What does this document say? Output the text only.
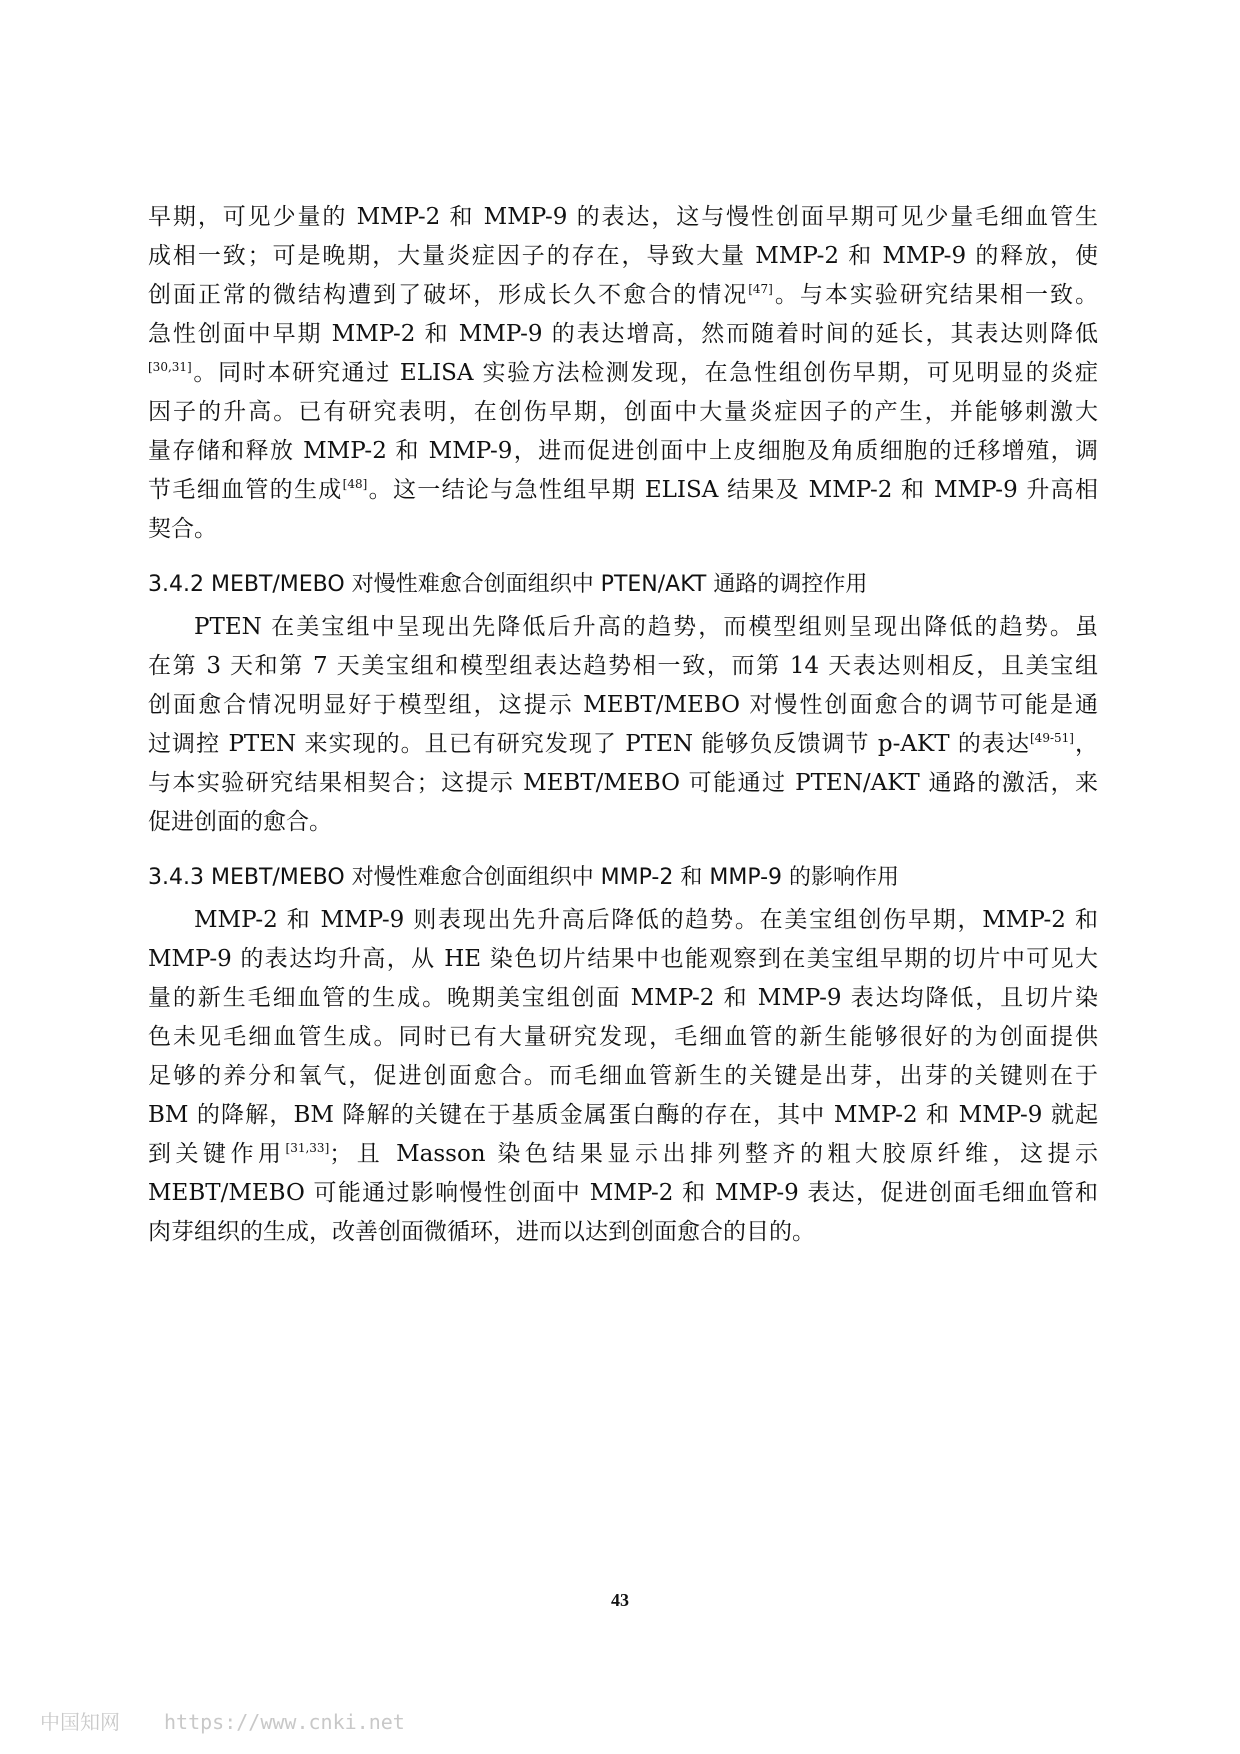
早期，可见少量的 MMP-2 和 MMP-9 的表达，这与慢性创面早期可见少量毛细血管生
成相一致；可是晚期，大量炎症因子的存在，导致大量 MMP-2 和 MMP-9 的释放，使
创面正常的微结构遭到了破坏，形成长久不愈合的情况[47]。与本实验研究结果相一致。
急性创面中早期 MMP-2 和 MMP-9 的表达增高，然而随着时间的延长，其表达则降低
[30,31]。同时本研究通过 ELISA 实验方法检测发现，在急性组创伤早期，可见明显的炎症
因子的升高。已有研究表明，在创伤早期，创面中大量炎症因子的产生，并能够刺激大
量存储和释放 MMP-2 和 MMP-9，进而促进创面中上皮细胞及角质细胞的迁移增殖，调
节毛细血管的生成[48]。这一结论与急性组早期 ELISA 结果及 MMP-2 和 MMP-9 升高相
契合。
3.4.2 MEBT/MEBO 对慢性难愈合创面组织中 PTEN/AKT 通路的调控作用
PTEN 在美宝组中呈现出先降低后升高的趋势，而模型组则呈现出降低的趋势。虽
在第 3 天和第 7 天美宝组和模型组表达趋势相一致，而第 14 天表达则相反，且美宝组
创面愈合情况明显好于模型组，这提示 MEBT/MEBO 对慢性创面愈合的调节可能是通
过调控 PTEN 来实现的。且已有研究发现了 PTEN 能够负反馈调节 p-AKT 的表达[49-51]，
与本实验研究结果相契合；这提示 MEBT/MEBO 可能通过 PTEN/AKT 通路的激活，来
促进创面的愈合。
3.4.3 MEBT/MEBO 对慢性难愈合创面组织中 MMP-2 和 MMP-9 的影响作用
MMP-2 和 MMP-9 则表现出先升高后降低的趋势。在美宝组创伤早期，MMP-2 和
MMP-9 的表达均升高，从 HE 染色切片结果中也能观察到在美宝组早期的切片中可见大
量的新生毛细血管的生成。晚期美宝组创面 MMP-2 和 MMP-9 表达均降低，且切片染
色未见毛细血管生成。同时已有大量研究发现，毛细血管的新生能够很好的为创面提供
足够的养分和氧气，促进创面愈合。而毛细血管新生的关键是出芽，出芽的关键则在于
BM 的降解，BM 降解的关键在于基质金属蛋白酶的存在，其中 MMP-2 和 MMP-9 就起
到关键作用[31,33]；且 Masson 染色结果显示出排列整齐的粗大胶原纤维，这提示
MEBT/MEBO 可能通过影响慢性创面中 MMP-2 和 MMP-9 表达，促进创面毛细血管和
肉芽组织的生成，改善创面微循环，进而以达到创面愈合的目的。
43
中国知网 https://www.cnki.net
